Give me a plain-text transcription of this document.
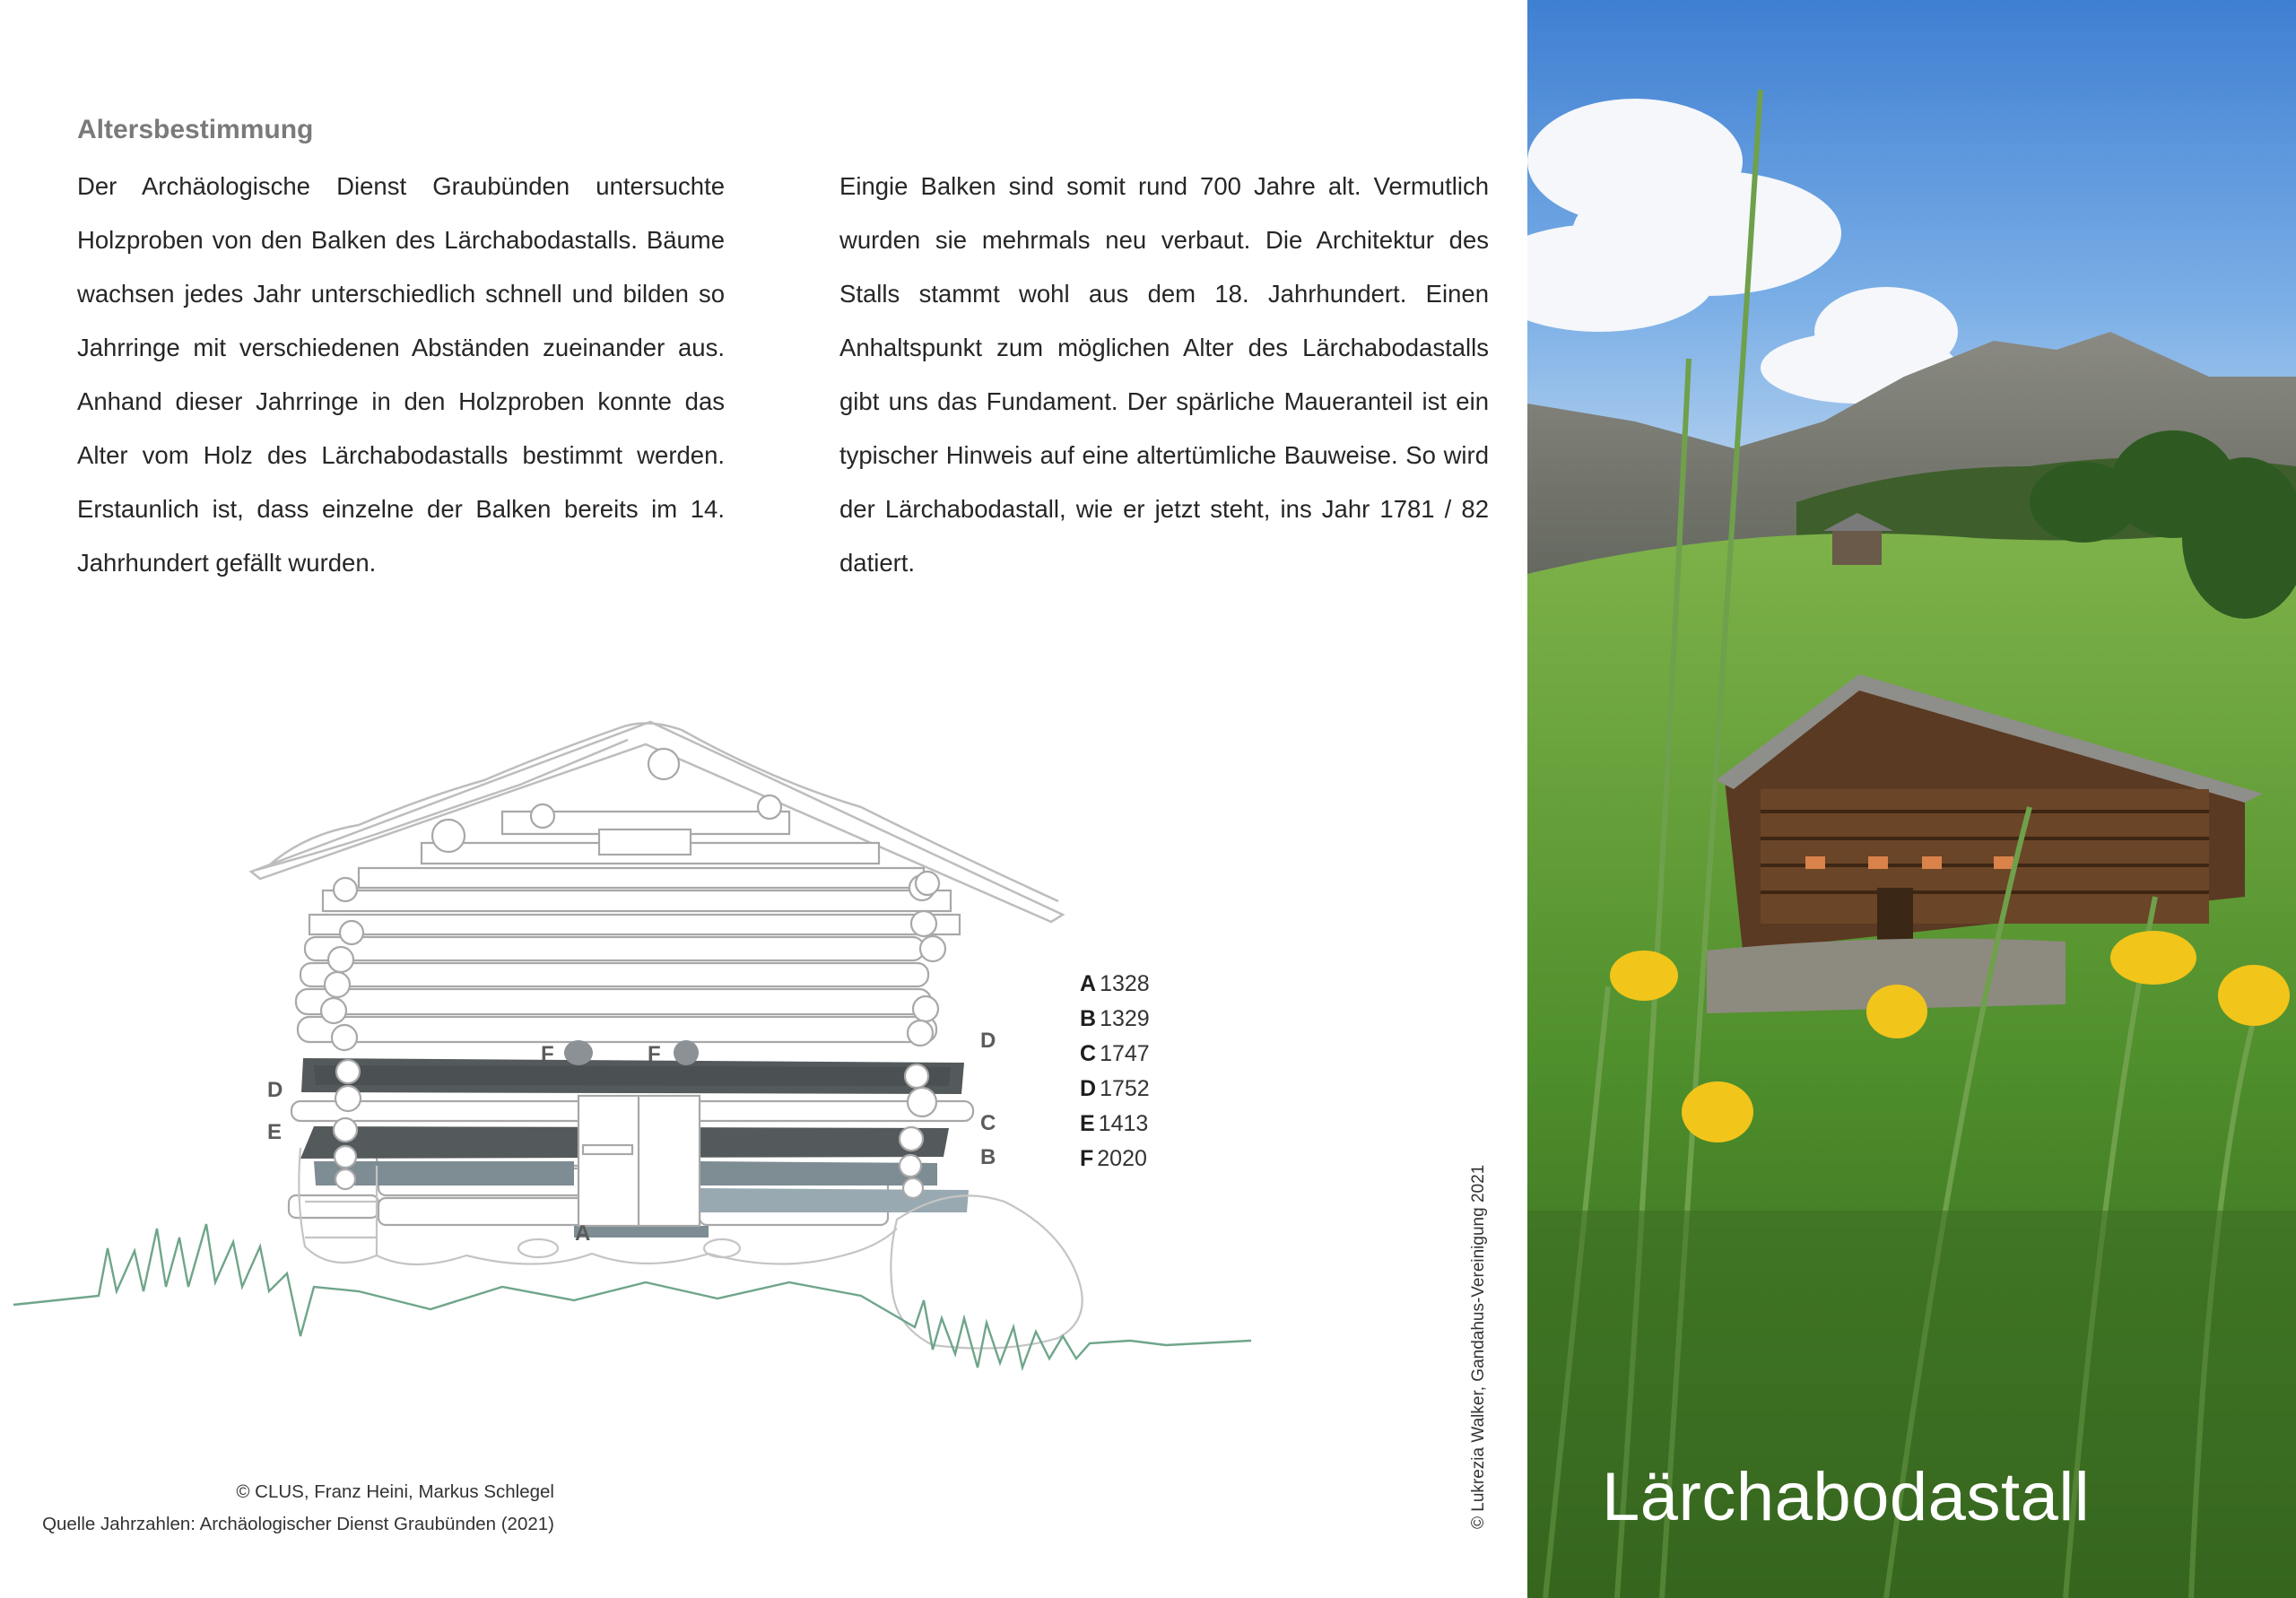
Altersbestimmung
Der Archäologische Dienst Graubünden untersuchte Holzproben von den Balken des Lärchabodastalls. Bäume wachsen jedes Jahr unterschiedlich schnell und bilden so Jahrringe mit verschiedenen Abständen zueinander aus. Anhand dieser Jahrringe in den Holzproben konnte das Alter vom Holz des Lärchabodastalls bestimmt werden. Erstaunlich ist, dass einzelne der Balken bereits im 14. Jahrhundert gefällt wurden.
Eingie Balken sind somit rund 700 Jahre alt. Vermutlich wurden sie mehrmals neu verbaut. Die Architektur des Stalls stammt wohl aus dem 18. Jahrhundert. Einen Anhaltspunkt zum möglichen Alter des Lärchabodastalls gibt uns das Fundament. Der spärliche Maueranteil ist ein typischer Hinweis auf eine altertümliche Bauweise. So wird der Lärchabodastall, wie er jetzt steht, ins Jahr 1781 / 82 datiert.
D
F	F
D
E	C
B
A
A 1328
B 1329
C 1747
D 1752
E 1413
F 2020
© CLUS, Franz Heini, Markus Schlegel
Quelle Jahrzahlen: Archäologischer Dienst Graubünden (2021)	© Lukrezia Walker, Gandahus-Vereinigung 2021 Lärchabodastall
